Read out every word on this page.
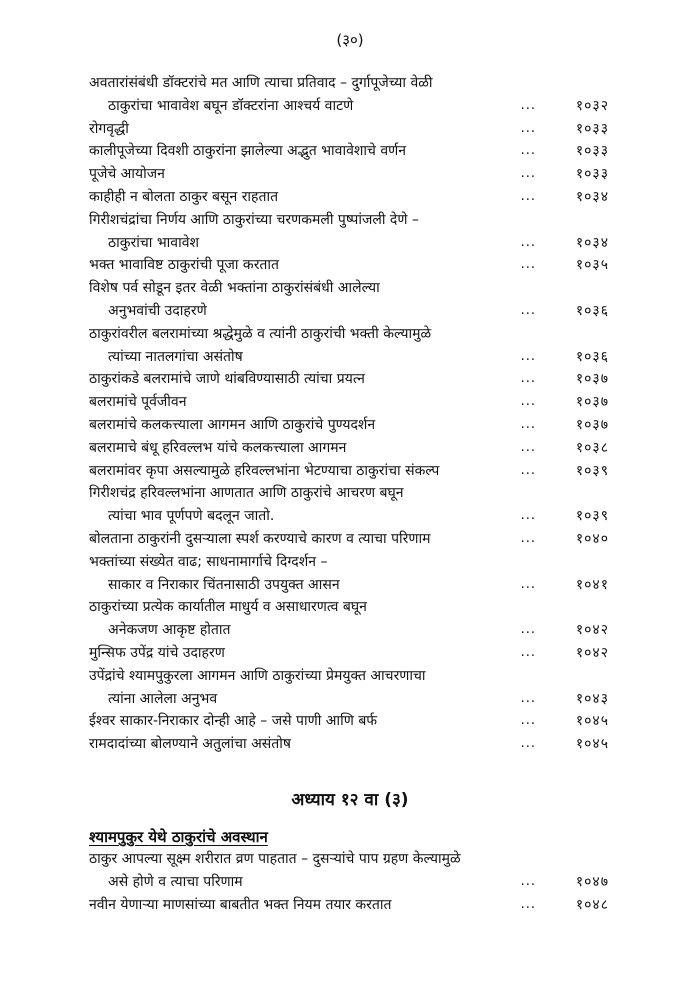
(३०)
अवतारांसंबंधी डॉक्टरांचे मत आणि त्याचा प्रतिवाद – दुर्गापूजेच्या वेळी
ठाकुरांचा भावावेश बघून डॉक्टरांना आश्चर्य वाटणे	...	१०३२
रोगवृद्धी	...	१०३३
कालीपूजेच्या दिवशी ठाकुरांना झालेल्या अद्भुत भावावेशाचे वर्णन	...	१०३३
पूजेचे आयोजन	...	१०३३
काहीही न बोलता ठाकुर बसून राहतात	...	१०३४
गिरीशचंद्रांचा निर्णय आणि ठाकुरांच्या चरणकमली पुष्पांजली देणे –
ठाकुरांचा भावावेश	...	१०३४
भक्त भावाविष्ट ठाकुरांची पूजा करतात	...	१०३५
विशेष पर्व सोडून इतर वेळी भक्तांना ठाकुरांसंबंधी आलेल्या
अनुभवांची उदाहरणे	...	१०३६
ठाकुरांवरील बलरामांच्या श्रद्धेमुळे व त्यांनी ठाकुरांची भक्ती केल्यामुळे
त्यांच्या नातलगांचा असंतोष	...	१०३६
ठाकुरांकडे बलरामांचे जाणे थांबविण्यासाठी त्यांचा प्रयत्न	...	१०३७
बलरामांचे पूर्वजीवन	...	१०३७
बलरामांचे कलकत्त्याला आगमन आणि ठाकुरांचे पुण्यदर्शन	...	१०३७
बलरामाचे बंधू हरिवल्लभ यांचे कलकत्त्याला आगमन	...	१०३८
बलरामांवर कृपा असल्यामुळे हरिवल्लभांना भेटण्याचा ठाकुरांचा संकल्प	...	१०३९
गिरीशचंद्र हरिवल्लभांना आणतात आणि ठाकुरांचे आचरण बघून
त्यांचा भाव पूर्णपणे बदलून जातो.	...	१०३९
बोलताना ठाकुरांनी दुसऱ्याला स्पर्श करण्याचे कारण व त्याचा परिणाम	...	१०४०
भक्तांच्या संख्येत वाढ; साधनामार्गाचे दिग्दर्शन –
साकार व निराकार चिंतनासाठी उपयुक्त आसन	...	१०४१
ठाकुरांच्या प्रत्येक कार्यातील माधुर्य व असाधारणत्व बघून
अनेकजण आकृष्ट होतात	...	१०४२
मुन्सिफ उपेंद्र यांचे उदाहरण	...	१०४२
उपेंद्रांचे श्यामपुकुरला आगमन आणि ठाकुरांच्या प्रेमयुक्त आचरणाचा
त्यांना आलेला अनुभव	...	१०४३
ईश्वर साकार-निराकार दोन्ही आहे – जसे पाणी आणि बर्फ	...	१०४५
रामदादांच्या बोलण्याने अतुलांचा असंतोष	...	१०४५
अध्याय १२ वा (३)
श्यामपुकुर येथे ठाकुरांचे अवस्थान
ठाकुर आपल्या सूक्ष्म शरीरात व्रण पाहतात – दुसऱ्यांचे पाप ग्रहण केल्यामुळे
असे होणे व त्याचा परिणाम	...	१०४७
नवीन येणाऱ्या माणसांच्या बाबतीत भक्त नियम तयार करतात	...	१०४८
